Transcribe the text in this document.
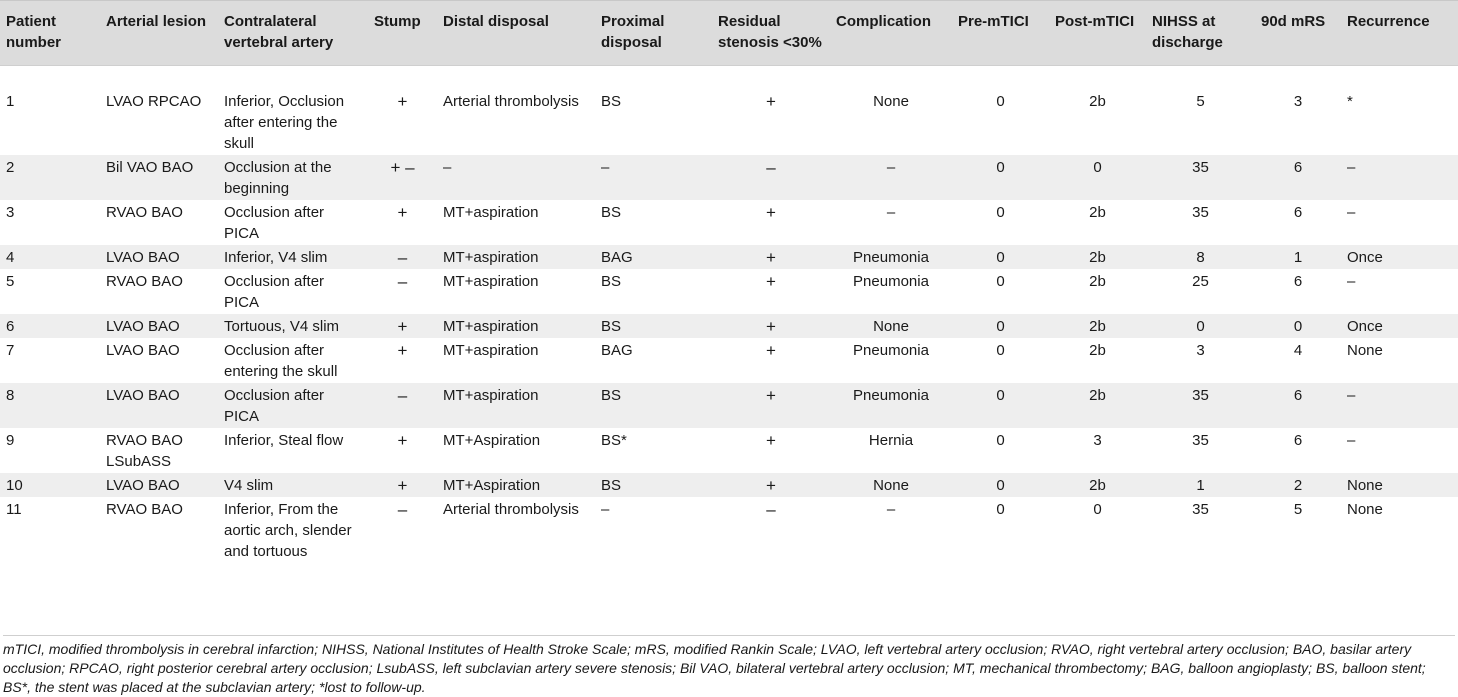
Patient number	Arterial lesion	Contralateral vertebral artery	Stump	Distal disposal	Proximal disposal	Residual stenosis <30%	Complication	Pre-mTICI	Post-mTICI	NIHSS at discharge	90d mRS	Recurrence

1	LVAO RPCAO	Inferior, Occlusion after entering the skull	+	Arterial thrombolysis	BS	+	None	0	2b	5	3	*
2	Bil VAO BAO	Occlusion at the beginning	+ –	–	–	–	–	0	0	35	6	–
3	RVAO BAO	Occlusion after PICA	+	MT+aspiration	BS	+	–	0	2b	35	6	–
4	LVAO BAO	Inferior, V4 slim	–	MT+aspiration	BAG	+	Pneumonia	0	2b	8	1	Once
5	RVAO BAO	Occlusion after PICA	–	MT+aspiration	BS	+	Pneumonia	0	2b	25	6	–
6	LVAO BAO	Tortuous, V4 slim	+	MT+aspiration	BS	+	None	0	2b	0	0	Once
7	LVAO BAO	Occlusion after entering the skull	+	MT+aspiration	BAG	+	Pneumonia	0	2b	3	4	None
8	LVAO BAO	Occlusion after PICA	–	MT+aspiration	BS	+	Pneumonia	0	2b	35	6	–
9	RVAO BAO LSubASS	Inferior, Steal flow	+	MT+Aspiration	BS*	+	Hernia	0	3	35	6	–
10	LVAO BAO	V4 slim	+	MT+Aspiration	BS	+	None	0	2b	1	2	None
11	RVAO BAO	Inferior, From the aortic arch, slender and tortuous	–	Arterial thrombolysis	–	–	–	0	0	35	5	None
mTICI, modified thrombolysis in cerebral infarction; NIHSS, National Institutes of Health Stroke Scale; mRS, modified Rankin Scale; LVAO, left vertebral artery occlusion; RVAO, right vertebral artery occlusion; BAO, basilar artery occlusion; RPCAO, right posterior cerebral artery occlusion; LsubASS, left subclavian artery severe stenosis; Bil VAO, bilateral vertebral artery occlusion; MT, mechanical thrombectomy; BAG, balloon angioplasty; BS, balloon stent; BS*, the stent was placed at the subclavian artery; *lost to follow-up.
